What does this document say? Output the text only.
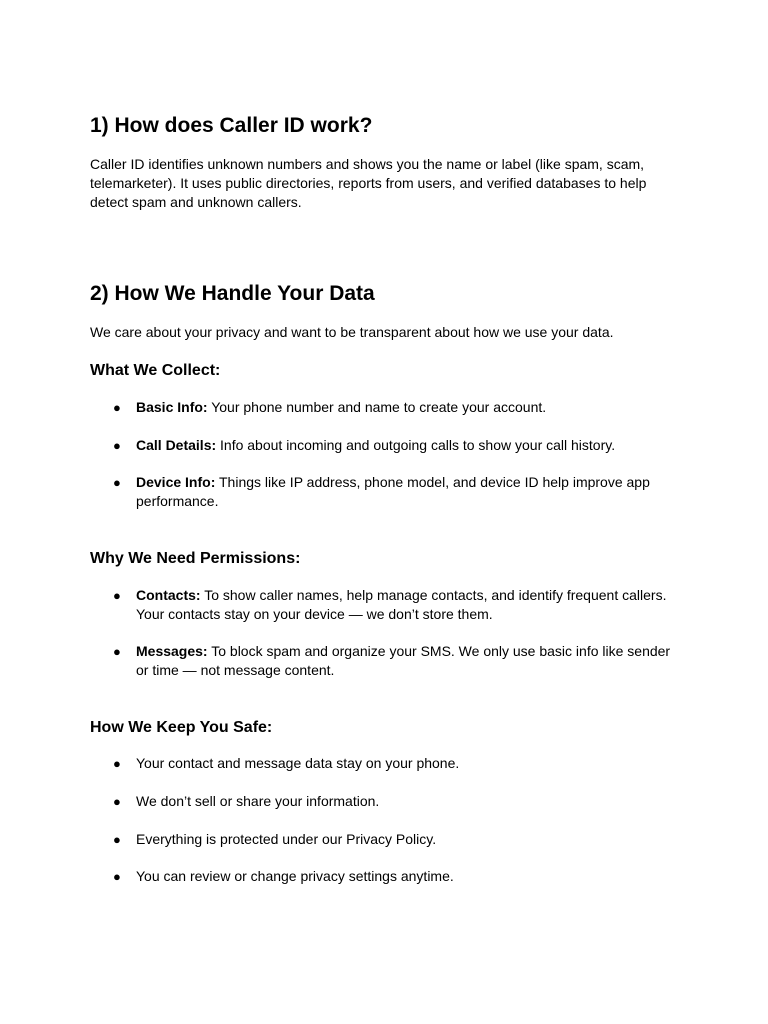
1) How does Caller ID work?

Caller ID identifies unknown numbers and shows you the name or label (like spam, scam, telemarketer). It uses public directories, reports from users, and verified databases to help detect spam and unknown callers.

2) How We Handle Your Data

We care about your privacy and want to be transparent about how we use your data.

What We Collect:
● Basic Info: Your phone number and name to create your account.
● Call Details: Info about incoming and outgoing calls to show your call history.
● Device Info: Things like IP address, phone model, and device ID help improve app performance.
Why We Need Permissions:
● Contacts: To show caller names, help manage contacts, and identify frequent callers. Your contacts stay on your device — we don’t store them.
● Messages: To block spam and organize your SMS. We only use basic info like sender or time — not message content.
How We Keep You Safe:
● Your contact and message data stay on your phone.
● We don’t sell or share your information.
● Everything is protected under our Privacy Policy.
● You can review or change privacy settings anytime.
